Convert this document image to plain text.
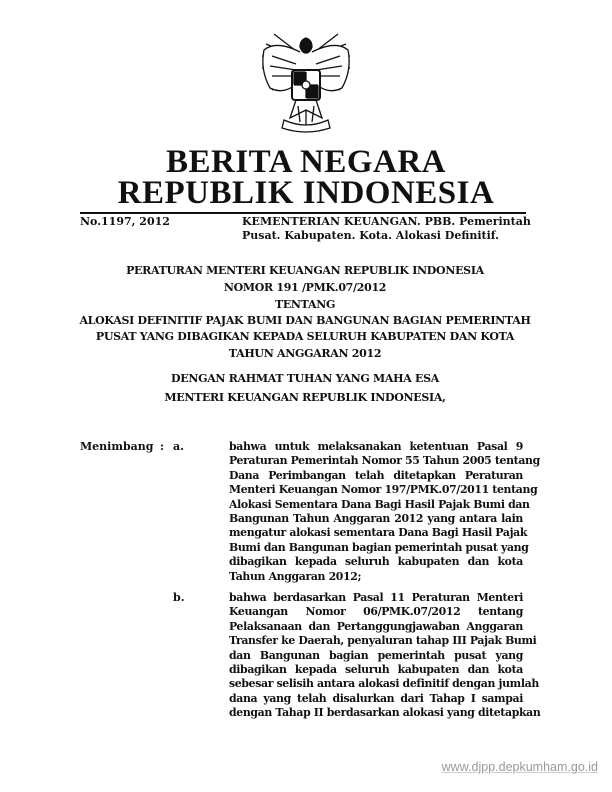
BERITA NEGARA
REPUBLIK INDONESIA
No.1197, 2012	KEMENTERIAN KEUANGAN. PBB. Pemerintah
Pusat. Kabupaten. Kota. Alokasi Definitif.
PERATURAN MENTERI KEUANGAN REPUBLIK INDONESIA
NOMOR 191 /PMK.07/2012
TENTANG
ALOKASI DEFINITIF PAJAK BUMI DAN BANGUNAN BAGIAN PEMERINTAH
PUSAT YANG DIBAGIKAN KEPADA SELURUH KABUPATEN DAN KOTA
TAHUN ANGGARAN 2012
DENGAN RAHMAT TUHAN YANG MAHA ESA
MENTERI KEUANGAN REPUBLIK INDONESIA,
Menimbang : a.	bahwa untuk melaksanakan ketentuan Pasal 9
Peraturan Pemerintah Nomor 55 Tahun 2005 tentang
Dana Perimbangan telah ditetapkan Peraturan
Menteri Keuangan Nomor 197/PMK.07/2011 tentang
Alokasi Sementara Dana Bagi Hasil Pajak Bumi dan
Bangunan Tahun Anggaran 2012 yang antara lain
mengatur alokasi sementara Dana Bagi Hasil Pajak
Bumi dan Bangunan bagian pemerintah pusat yang
dibagikan kepada seluruh kabupaten dan kota
Tahun Anggaran 2012;
b.	bahwa berdasarkan Pasal 11 Peraturan Menteri
Keuangan Nomor 06/PMK.07/2012 tentang
Pelaksanaan dan Pertanggungjawaban Anggaran
Transfer ke Daerah, penyaluran tahap III Pajak Bumi
dan Bangunan bagian pemerintah pusat yang
dibagikan kepada seluruh kabupaten dan kota
sebesar selisih antara alokasi definitif dengan jumlah
dana yang telah disalurkan dari Tahap I sampai
dengan Tahap II berdasarkan alokasi yang ditetapkan
www.djpp.depkumham.go.id
